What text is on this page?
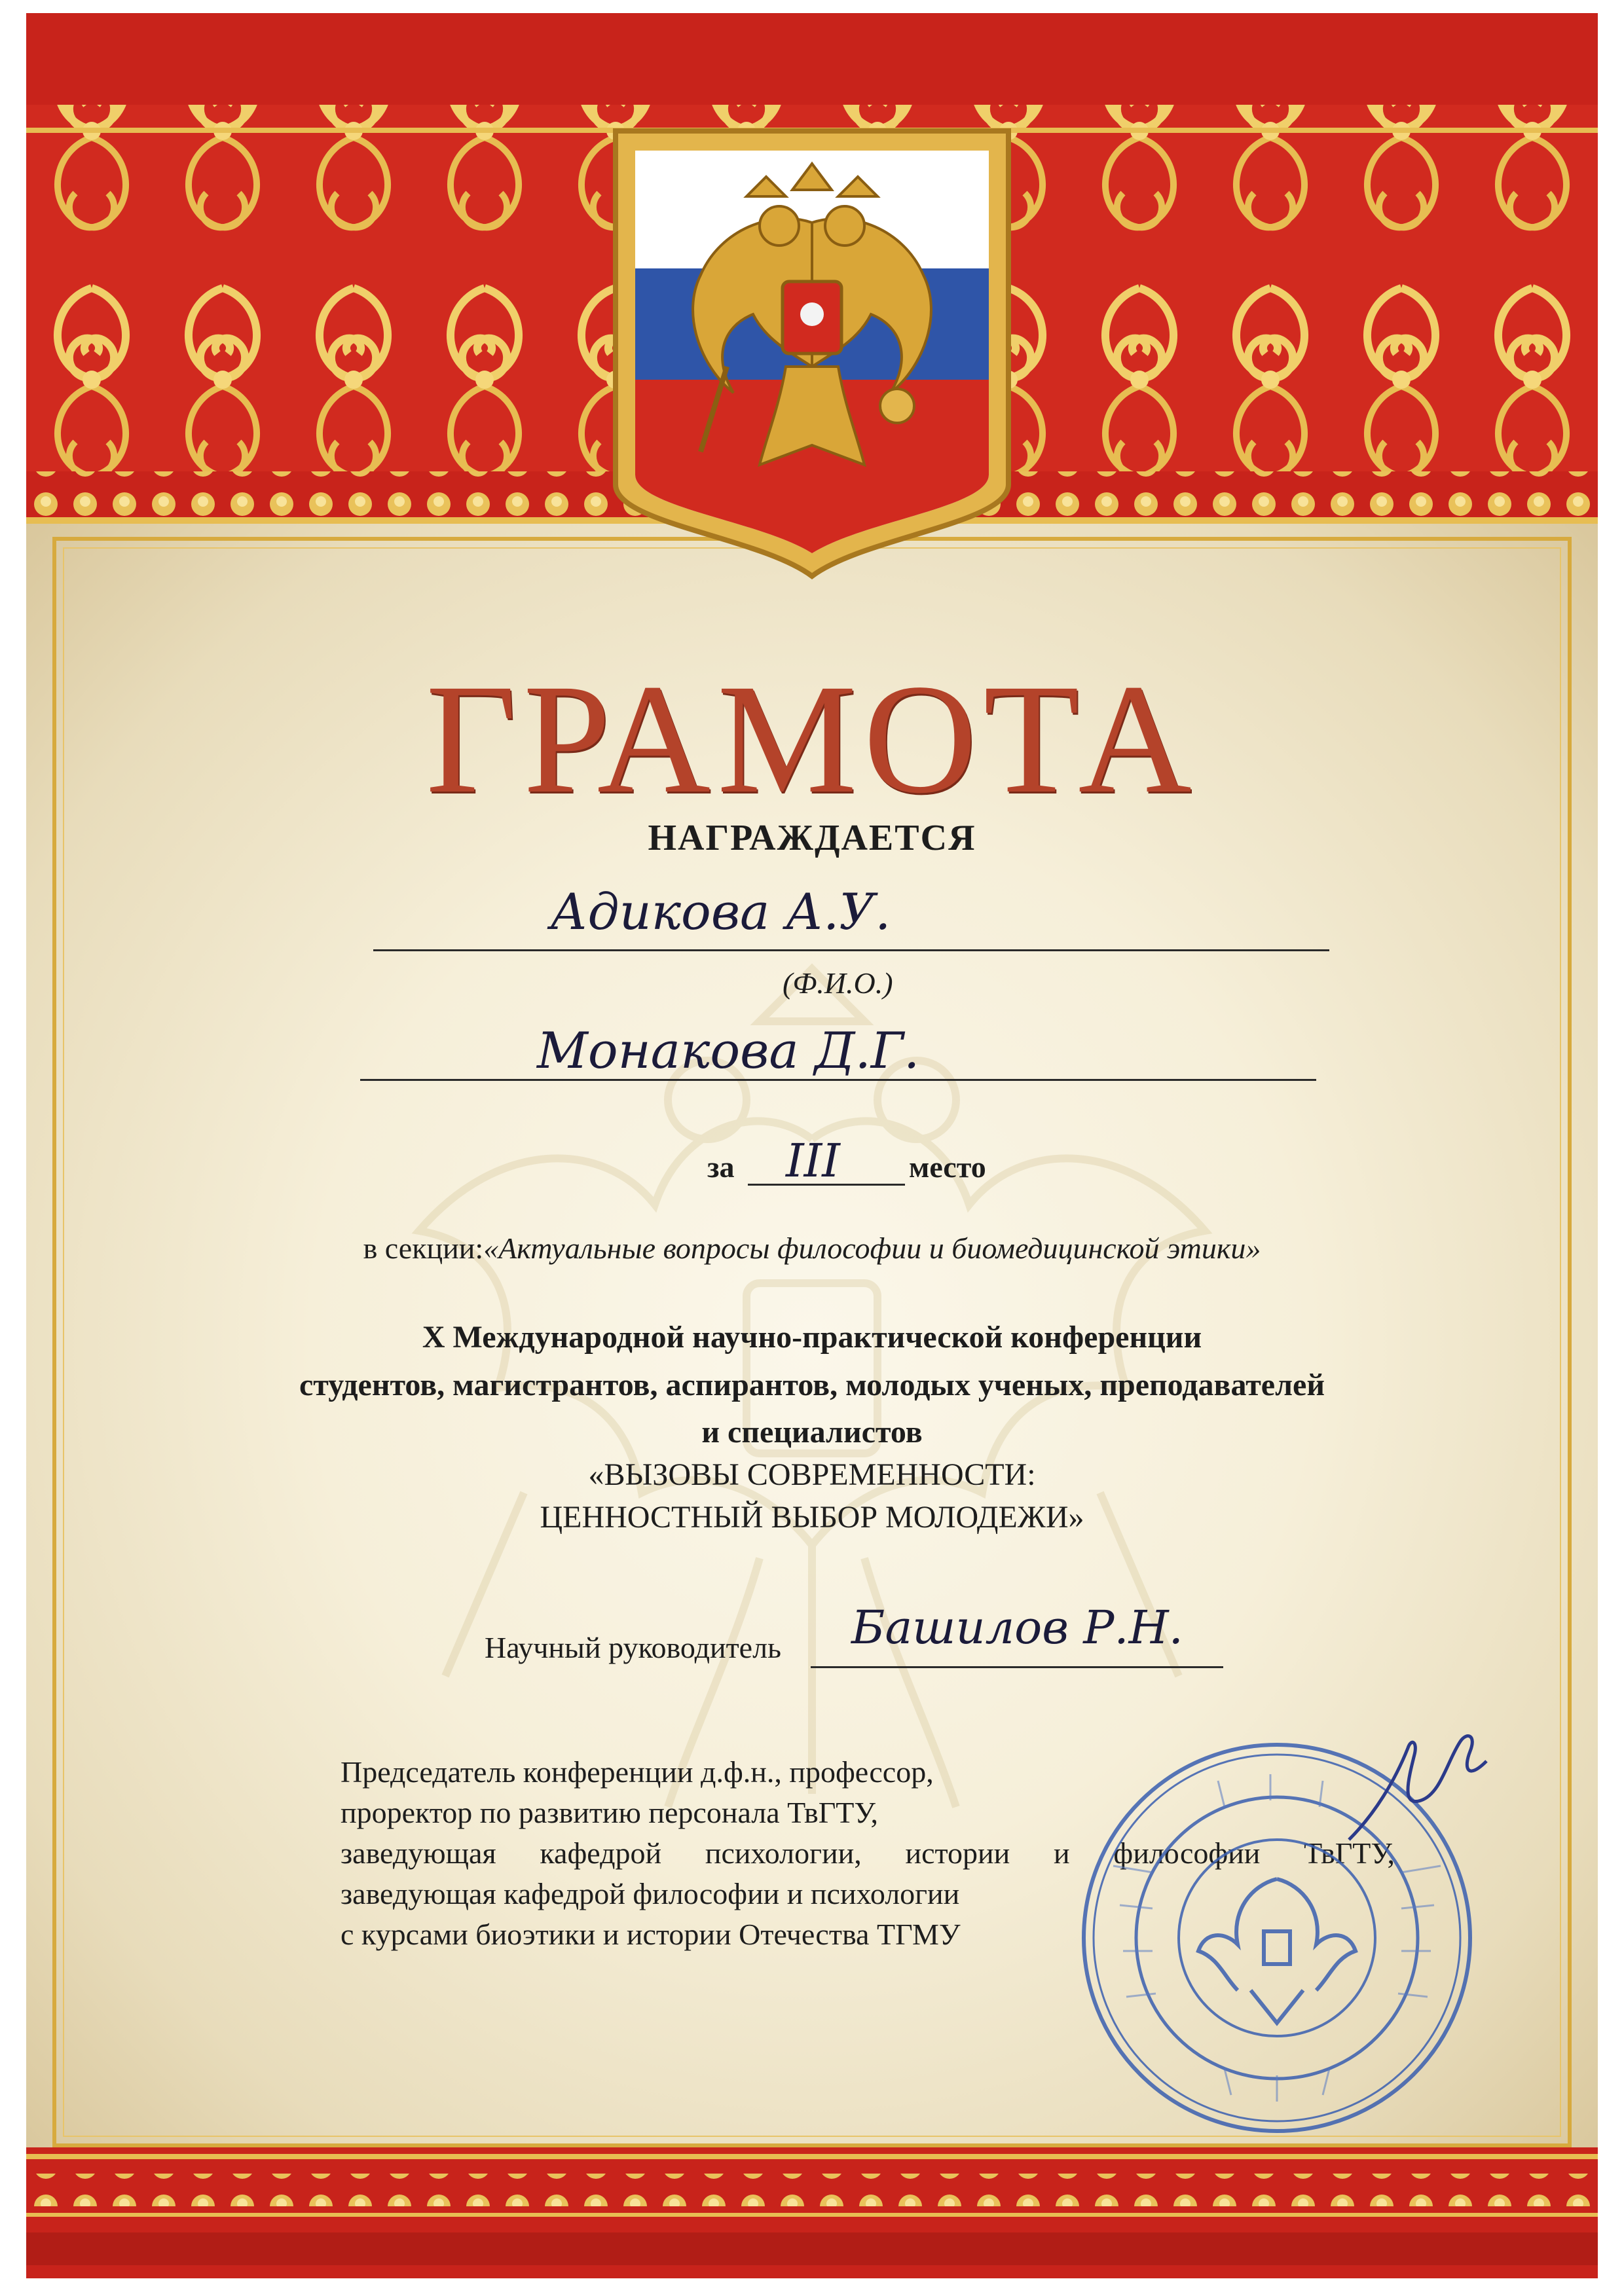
ГРАМОТА
НАГРАЖДАЕТСЯ
Адикова А.У.
(Ф.И.О.)
Монакова Д.Г.
за III место
в секции:«Актуальные вопросы философии и биомедицинской этики»
X Международной научно-практической конференции
студентов, магистрантов, аспирантов, молодых ученых, преподавателей
и специалистов
«ВЫЗОВЫ СОВРЕМЕННОСТИ:
ЦЕННОСТНЫЙ ВЫБОР МОЛОДЕЖИ»
Научный руководитель Башилов Р.Н.
Председатель конференции д.ф.н., профессор,
проректор по развитию персонала ТвГТУ,
заведующая кафедрой психологии, истории и философии ТвГТУ,
заведующая кафедрой философии и психологии
с курсами биоэтики и истории Отечества ТГМУ
